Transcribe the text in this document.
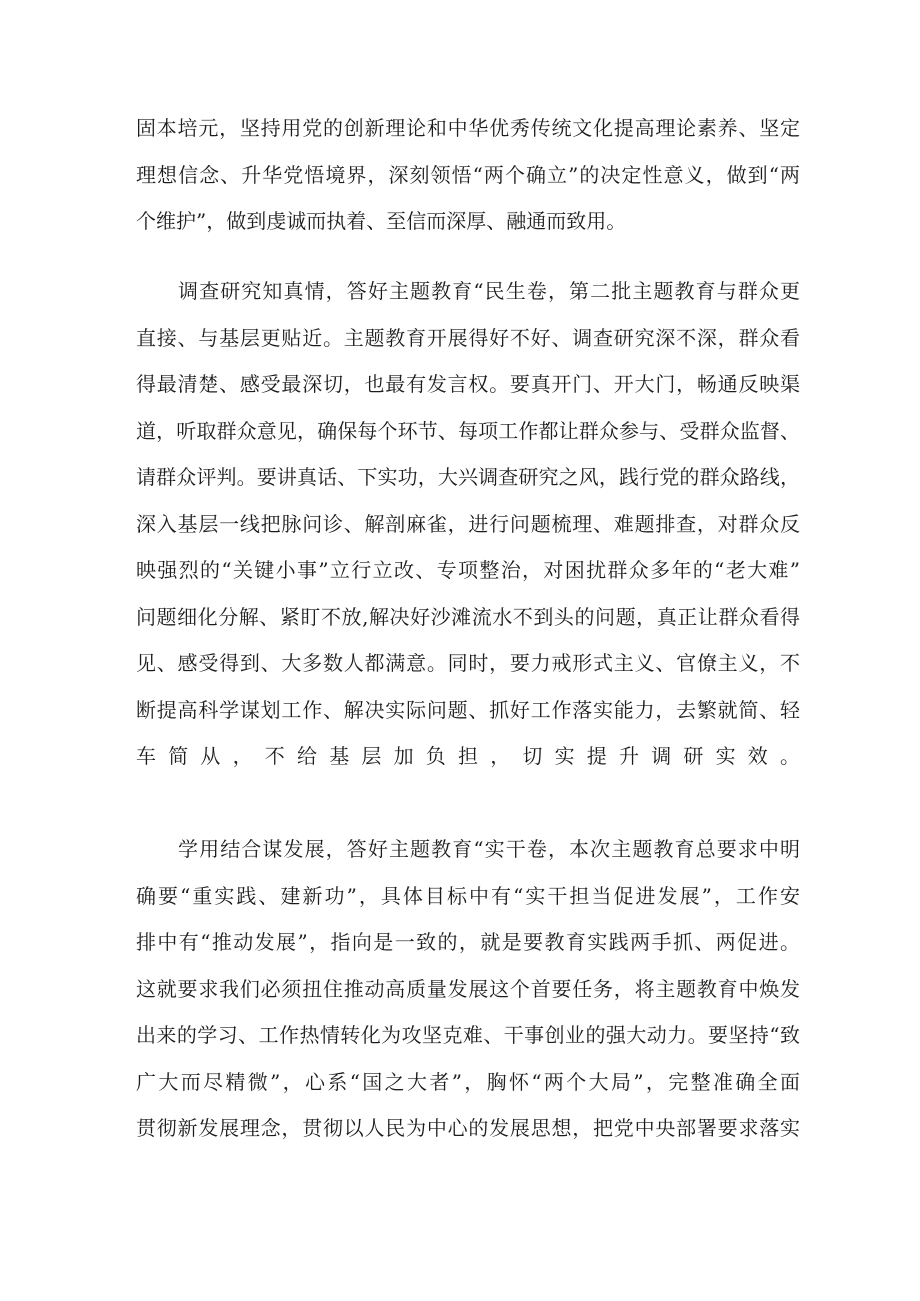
固本培元，坚持用党的创新理论和中华优秀传统文化提高理论素养、坚定
理想信念、升华党悟境界，深刻领悟“两个确立”的决定性意义，做到“两
个维护”，做到虔诚而执着、至信而深厚、融通而致用。
调查研究知真情，答好主题教育“民生卷，第二批主题教育与群众更
直接、与基层更贴近。主题教育开展得好不好、调查研究深不深，群众看
得最清楚、感受最深切，也最有发言权。要真开门、开大门，畅通反映渠
道，听取群众意见，确保每个环节、每项工作都让群众参与、受群众监督、
请群众评判。要讲真话、下实功，大兴调查研究之风，践行党的群众路线，
深入基层一线把脉问诊、解剖麻雀，进行问题梳理、难题排查，对群众反
映强烈的“关键小事”立行立改、专项整治，对困扰群众多年的“老大难”
问题细化分解、紧盯不放,解决好沙滩流水不到头的问题，真正让群众看得
见、感受得到、大多数人都满意。同时，要力戒形式主义、官僚主义，不
断提高科学谋划工作、解决实际问题、抓好工作落实能力，去繁就简、轻
车简从，不给基层加负担，切实提升调研实效。
学用结合谋发展，答好主题教育“实干卷，本次主题教育总要求中明
确要“重实践、建新功”，具体目标中有“实干担当促进发展”，工作安
排中有“推动发展”，指向是一致的，就是要教育实践两手抓、两促进。
这就要求我们必须扭住推动高质量发展这个首要任务，将主题教育中焕发
出来的学习、工作热情转化为攻坚克难、干事创业的强大动力。要坚持“致
广大而尽精微”，心系“国之大者”，胸怀“两个大局”，完整准确全面
贯彻新发展理念，贯彻以人民为中心的发展思想，把党中央部署要求落实
